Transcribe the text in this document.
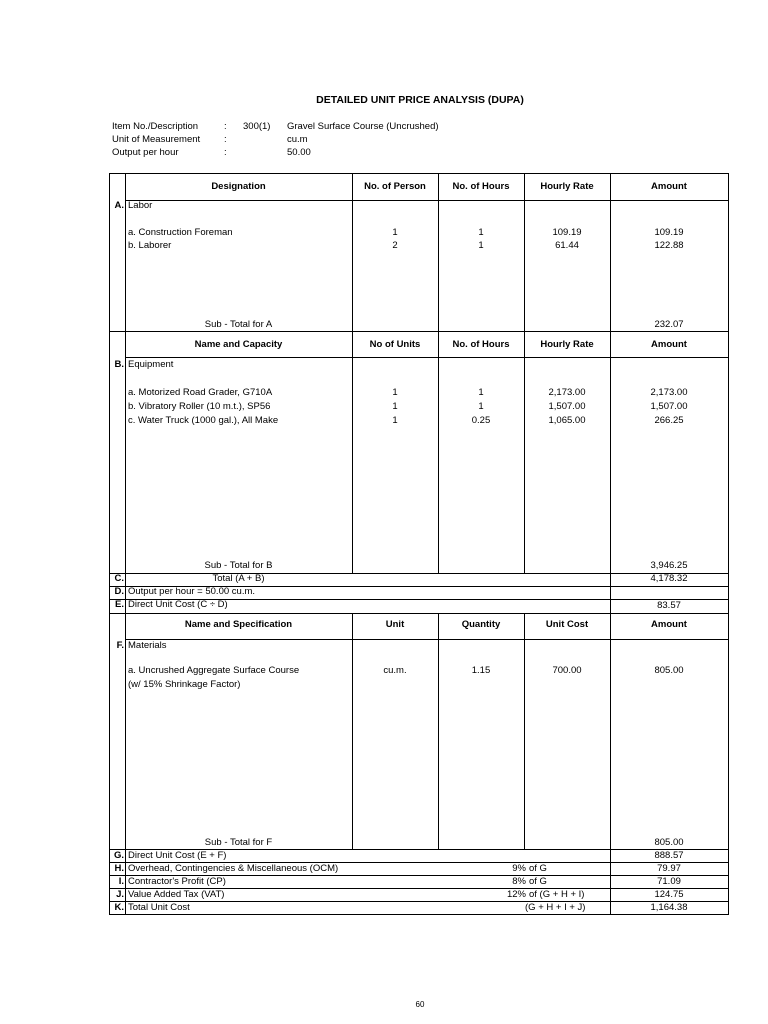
DETAILED UNIT PRICE ANALYSIS (DUPA)
Item No./Description	: 300(1) Gravel Surface Course (Uncrushed)
Unit of Measurement	:	cu.m
Output per hour	:	50.00
Designation	No. of Person	No. of Hours	Hourly Rate	Amount
A. Labor
a. Construction Foreman	1	1	109.19	109.19
b. Laborer	2	1	61.44	122.88
Sub - Total for A	232.07
Name and Capacity	No of Units	No. of Hours	Hourly Rate	Amount
B. Equipment
a. Motorized Road Grader, G710A	1	1	2,173.00	2,173.00
b. Vibratory Roller (10 m.t.), SP56	1	1	1,507.00	1,507.00
c. Water Truck (1000 gal.), All Make	1	0.25	1,065.00	266.25
Sub - Total for B	3,946.25
C.	Total (A + B)	4,178.32
D. Output per hour = 50.00 cu.m.
E. Direct Unit Cost (C ÷ D)	83.57
Name and Specification	Unit	Quantity	Unit Cost	Amount
F. Materials
a. Uncrushed Aggregate Surface Course
(w/ 15% Shrinkage Factor)
cu.m.	1.15	700.00	805.00
Sub - Total for F	805.00
G. Direct Unit Cost (E + F)	888.57
H. Overhead, Contingencies & Miscellaneous (OCM)	9% of G	79.97
I. Contractor's Profit (CP)	8% of G	71.09
J. Value Added Tax (VAT)	12% of (G + H + I)	124.75
K. Total Unit Cost	(G + H + I + J)	1,164.38
60
